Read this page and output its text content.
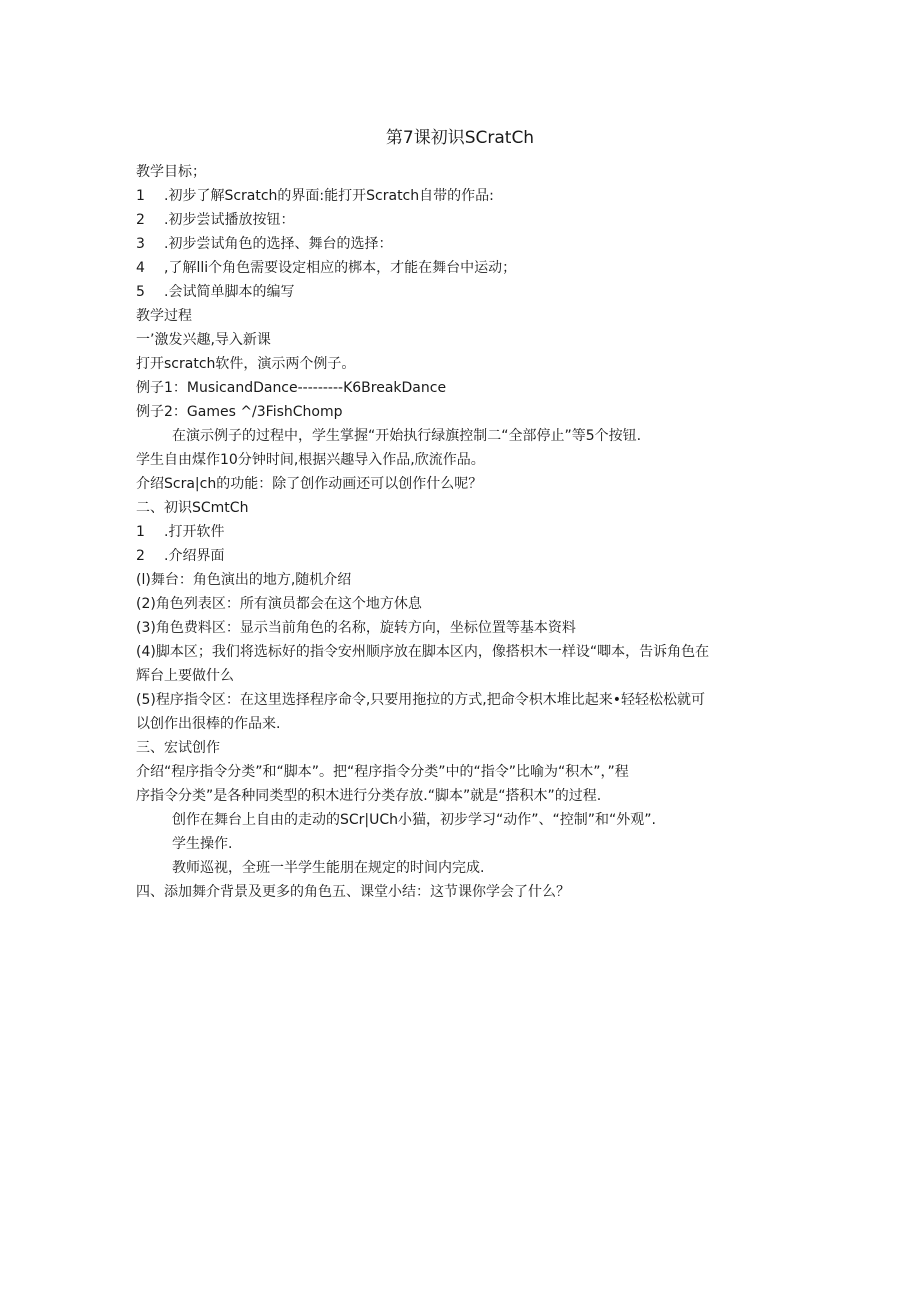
第7课初识SCratCh
教学目标；
1 .初步了解Scratch的界面:能打开Scratch自带的作品:
2 .初步尝试播放按钮：
3 .初步尝试角色的选择、舞台的选择：
4 ,了解lli个角色需要设定相应的梆本，才能在舞台中运动；
5 .会试简单脚本的编写
教学过程
一’激发兴趣,导入新课
打开scratch软件，演示两个例子。
例子1：MusicandDance---------K6BreakDance
例子2：Games ^/3FishChomp
在演示例子的过程中，学生掌握“开始执行绿旗控制二“全部停止”等5个按钮.
学生自由煤作10分钟时间,根据兴趣导入作品,欣流作品。
介绍Scra|ch的功能：除了创作动画还可以创作什么呢？
二、初识SCmtCh
1 .打开软件
2 .介绍界面
(l)舞台：角色演出的地方,随机介绍
(2)角色列表区：所有演员都会在这个地方休息
(3)角色费料区：显示当前角色的名称，旋转方向，坐标位置等基本资料
(4)脚本区；我们将选标好的指令安州顺序放在脚本区内，像搭枳木一样设“唧本，告诉角色在
辉台上要做什么
(5)程序指令区：在这里选择程序命令,只要用拖拉的方式,把命令枳木堆比起来•轻轻松松就可
以创作出很棒的作品来.
三、宏试创作
介绍“程序指令分类”和“脚本”。把“程序指令分类”中的“指令”比喻为“积木”，”程
序指令分类”是各种同类型的积木进行分类存放.“脚本”就是“搭积木”的过程.
创作在舞台上自由的走动的SCr|UCh小猫，初步学习“动作”、“控制”和“外观”.
学生操作.
教师巡视，全班一半学生能朋在规定的时间内完成.
四、添加舞介背景及更多的角色五、课堂小结：这节课你学会了什么？
